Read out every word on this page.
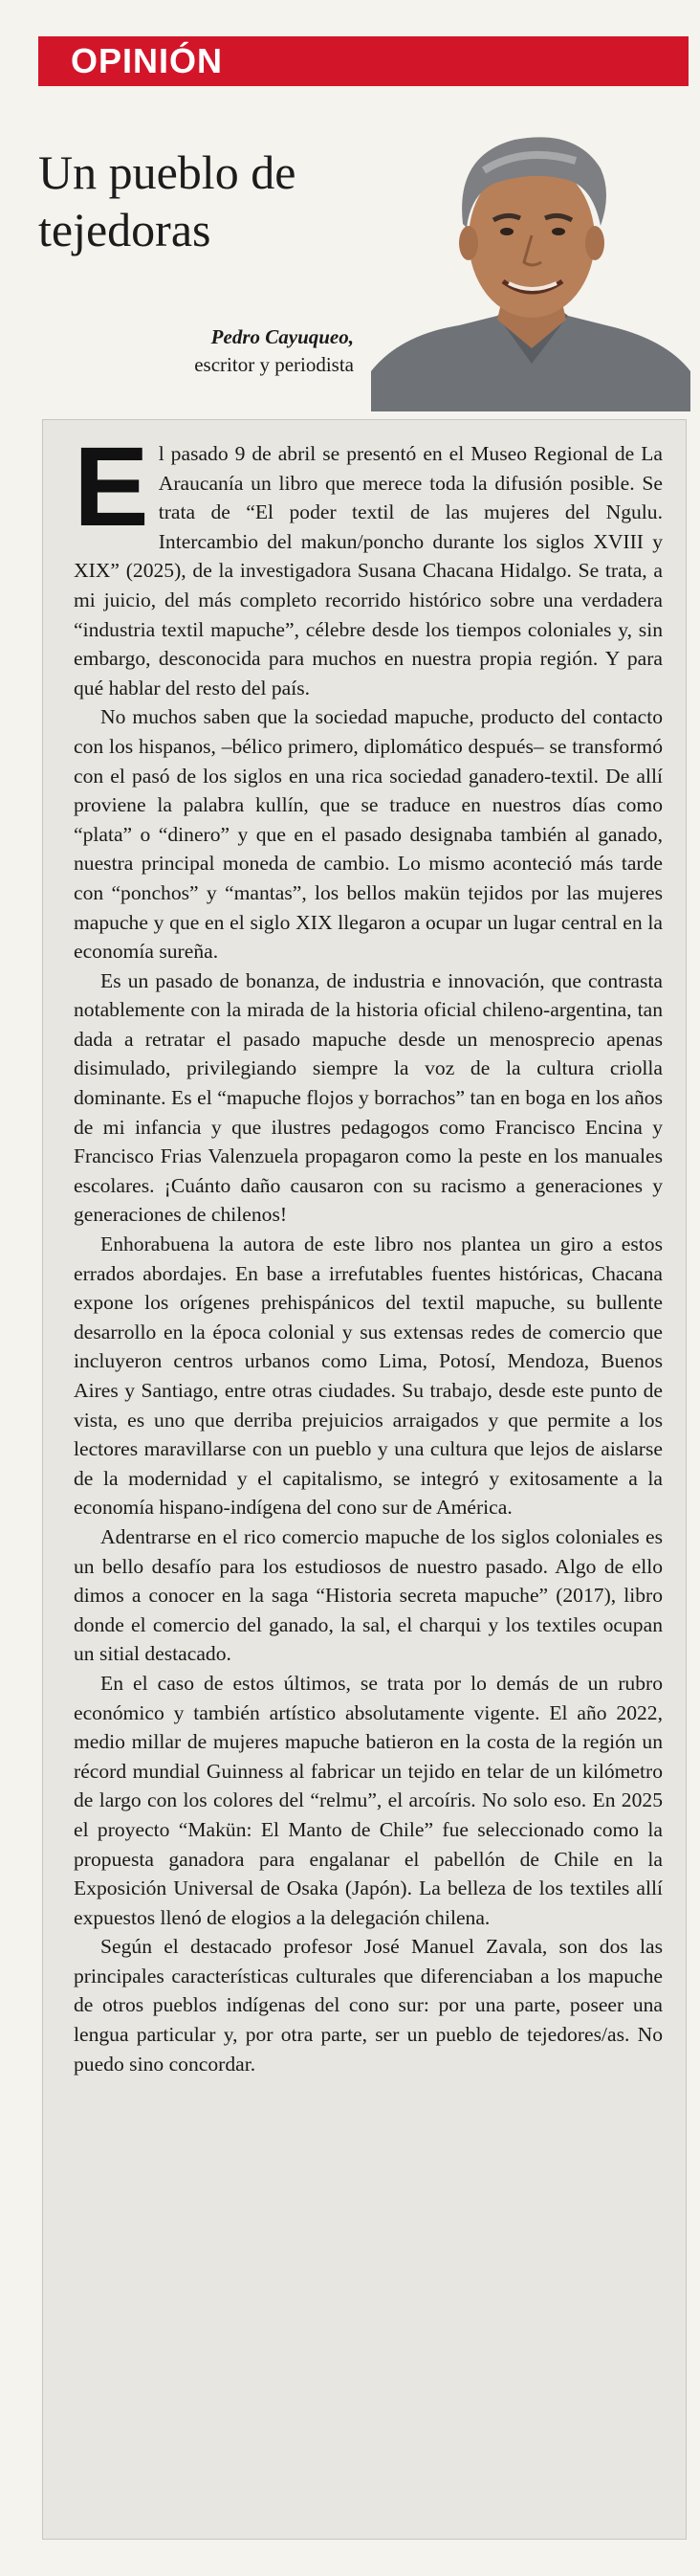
OPINIÓN
Un pueblo de tejedoras
Pedro Cayuqueo,
escritor y periodista

El pasado 9 de abril se presentó en el Museo Regional de La Araucanía un libro que merece toda la difusión posible. Se trata de “El poder textil de las mujeres del Ngulu. Intercambio del makun/poncho durante los siglos XVIII y XIX” (2025), de la investigadora Susana Chacana Hidalgo. Se trata, a mi juicio, del más completo recorrido histórico sobre una verdadera “industria textil mapuche”, célebre desde los tiempos coloniales y, sin embargo, desconocida para muchos en nuestra propia región. Y para qué hablar del resto del país.

No muchos saben que la sociedad mapuche, producto del contacto con los hispanos, –bélico primero, diplomático después– se transformó con el pasó de los siglos en una rica sociedad ganadero-textil. De allí proviene la palabra kullín, que se traduce en nuestros días como “plata” o “dinero” y que en el pasado designaba también al ganado, nuestra principal moneda de cambio. Lo mismo aconteció más tarde con “ponchos” y “mantas”, los bellos makün tejidos por las mujeres mapuche y que en el siglo XIX llegaron a ocupar un lugar central en la economía sureña.

Es un pasado de bonanza, de industria e innovación, que contrasta notablemente con la mirada de la historia oficial chileno-argentina, tan dada a retratar el pasado mapuche desde un menosprecio apenas disimulado, privilegiando siempre la voz de la cultura criolla dominante. Es el “mapuche flojos y borrachos” tan en boga en los años de mi infancia y que ilustres pedagogos como Francisco Encina y Francisco Frias Valenzuela propagaron como la peste en los manuales escolares. ¡Cuánto daño causaron con su racismo a generaciones y generaciones de chilenos!

Enhorabuena la autora de este libro nos plantea un giro a estos errados abordajes. En base a irrefutables fuentes históricas, Chacana expone los orígenes prehispánicos del textil mapuche, su bullente desarrollo en la época colonial y sus extensas redes de comercio que incluyeron centros urbanos como Lima, Potosí, Mendoza, Buenos Aires y Santiago, entre otras ciudades. Su trabajo, desde este punto de vista, es uno que derriba prejuicios arraigados y que permite a los lectores maravillarse con un pueblo y una cultura que lejos de aislarse de la modernidad y el capitalismo, se integró y exitosamente a la economía hispano-indígena del cono sur de América.

Adentrarse en el rico comercio mapuche de los siglos coloniales es un bello desafío para los estudiosos de nuestro pasado. Algo de ello dimos a conocer en la saga “Historia secreta mapuche” (2017), libro donde el comercio del ganado, la sal, el charqui y los textiles ocupan un sitial destacado.

En el caso de estos últimos, se trata por lo demás de un rubro económico y también artístico absolutamente vigente. El año 2022, medio millar de mujeres mapuche batieron en la costa de la región un récord mundial Guinness al fabricar un tejido en telar de un kilómetro de largo con los colores del “relmu”, el arcoíris. No solo eso. En 2025 el proyecto “Makün: El Manto de Chile” fue seleccionado como la propuesta ganadora para engalanar el pabellón de Chile en la Exposición Universal de Osaka (Japón). La belleza de los textiles allí expuestos llenó de elogios a la delegación chilena.

Según el destacado profesor José Manuel Zavala, son dos las principales características culturales que diferenciaban a los mapuche de otros pueblos indígenas del cono sur: por una parte, poseer una lengua particular y, por otra parte, ser un pueblo de tejedores/as. No puedo sino concordar.
